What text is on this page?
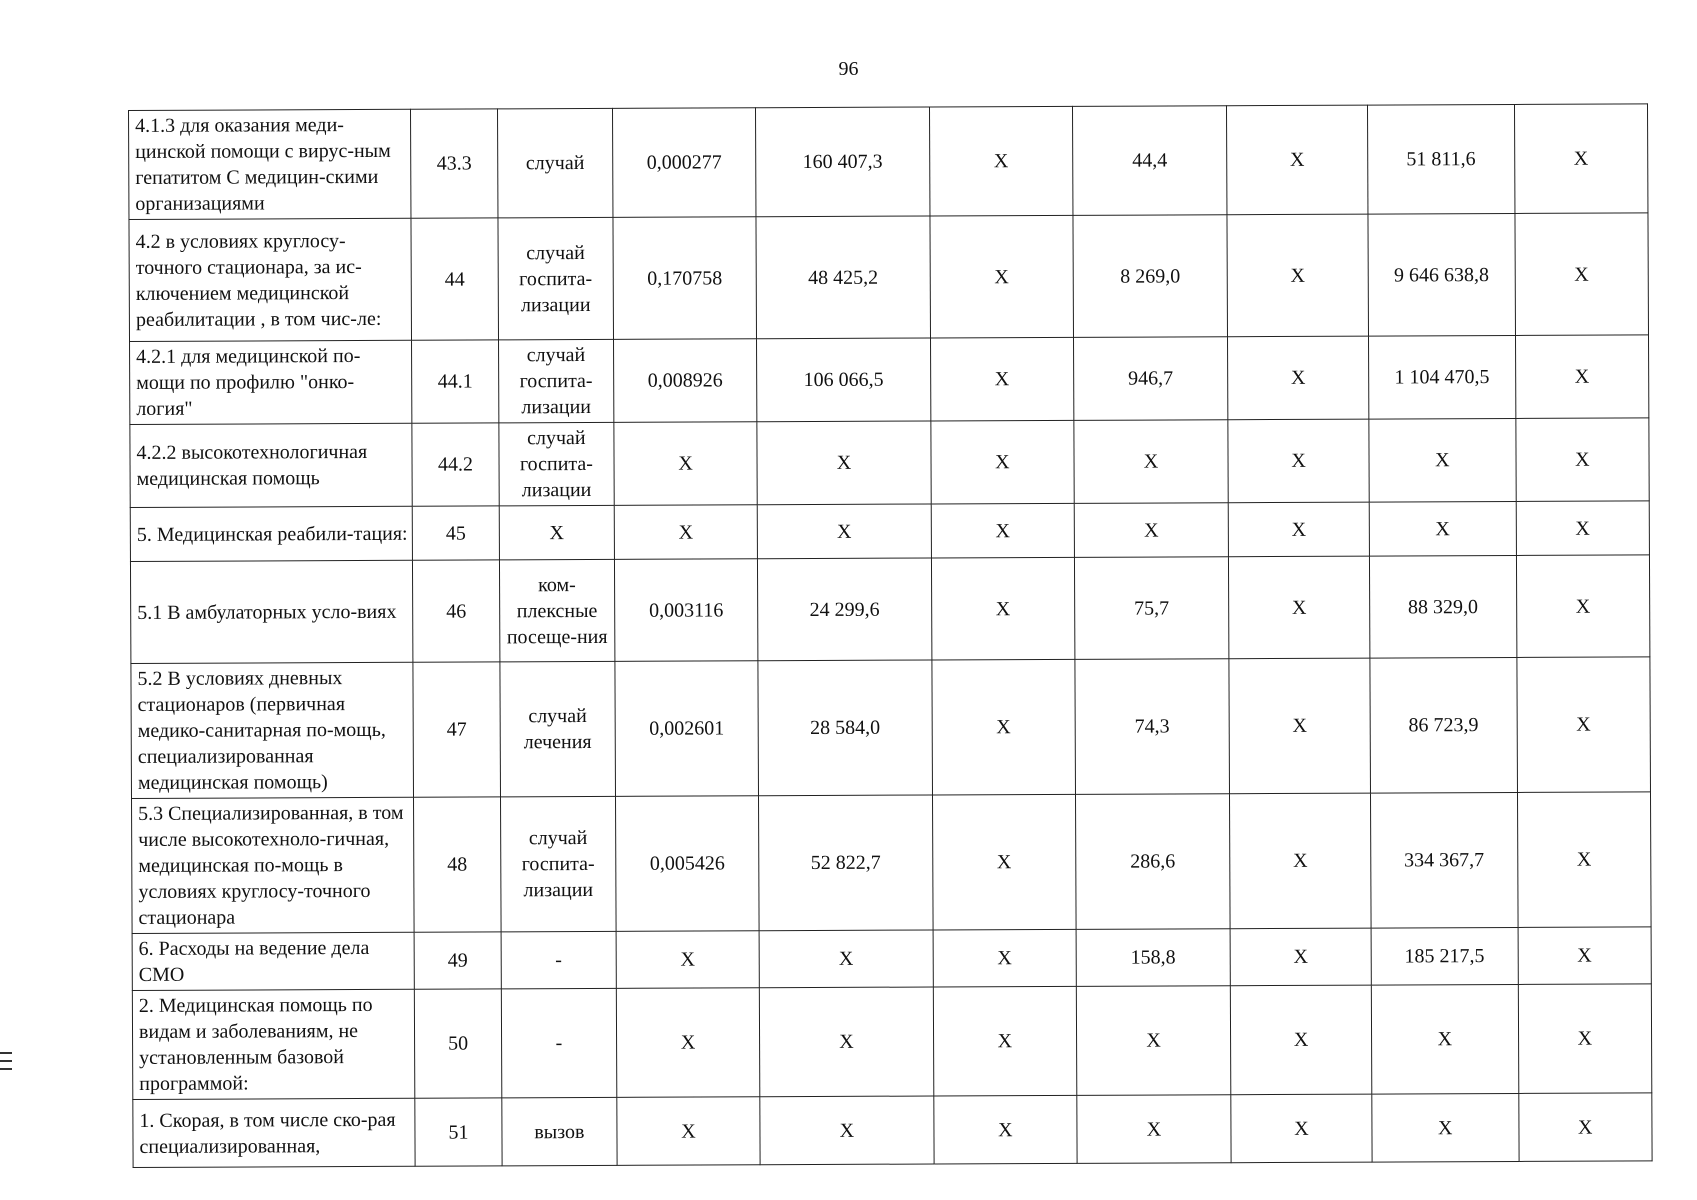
96
4.1.3 для оказания меди-цинской помощи с вирус-ным гепатитом С медицин-скими организациями	43.3	случай	0,000277	160 407,3	X	44,4	X	51 811,6	X
4.2 в условиях круглосу-точного стационара, за ис-ключением медицинской реабилитации , в том чис-ле:	44	случай госпита-лизации	0,170758	48 425,2	X	8 269,0	X	9 646 638,8	X
4.2.1 для медицинской по-мощи по профилю "онко-логия"	44.1	случай госпита-лизации	0,008926	106 066,5	X	946,7	X	1 104 470,5	X
4.2.2 высокотехнологичная медицинская помощь	44.2	случай госпита-лизации	X	X	X	X	X	X	X
5. Медицинская реабили-тация:	45	X	X	X	X	X	X	X	X
5.1 В амбулаторных усло-виях	46	ком-плексные посеще-ния	0,003116	24 299,6	X	75,7	X	88 329,0	X
5.2 В условиях дневных стационаров (первичная медико-санитарная по-мощь, специализированная медицинская помощь)	47	случай лечения	0,002601	28 584,0	X	74,3	X	86 723,9	X
5.3 Специализированная, в том числе высокотехноло-гичная, медицинская по-мощь в условиях круглосу-точного стационара	48	случай госпита-лизации	0,005426	52 822,7	X	286,6	X	334 367,7	X
6. Расходы на ведение дела СМО	49	-	X	X	X	158,8	X	185 217,5	X
2. Медицинская помощь по видам и заболеваниям, не установленным базовой программой:	50	-	X	X	X	X	X	X	X
1. Скорая, в том числе ско-рая специализированная,	51	вызов	X	X	X	X	X	X	X
